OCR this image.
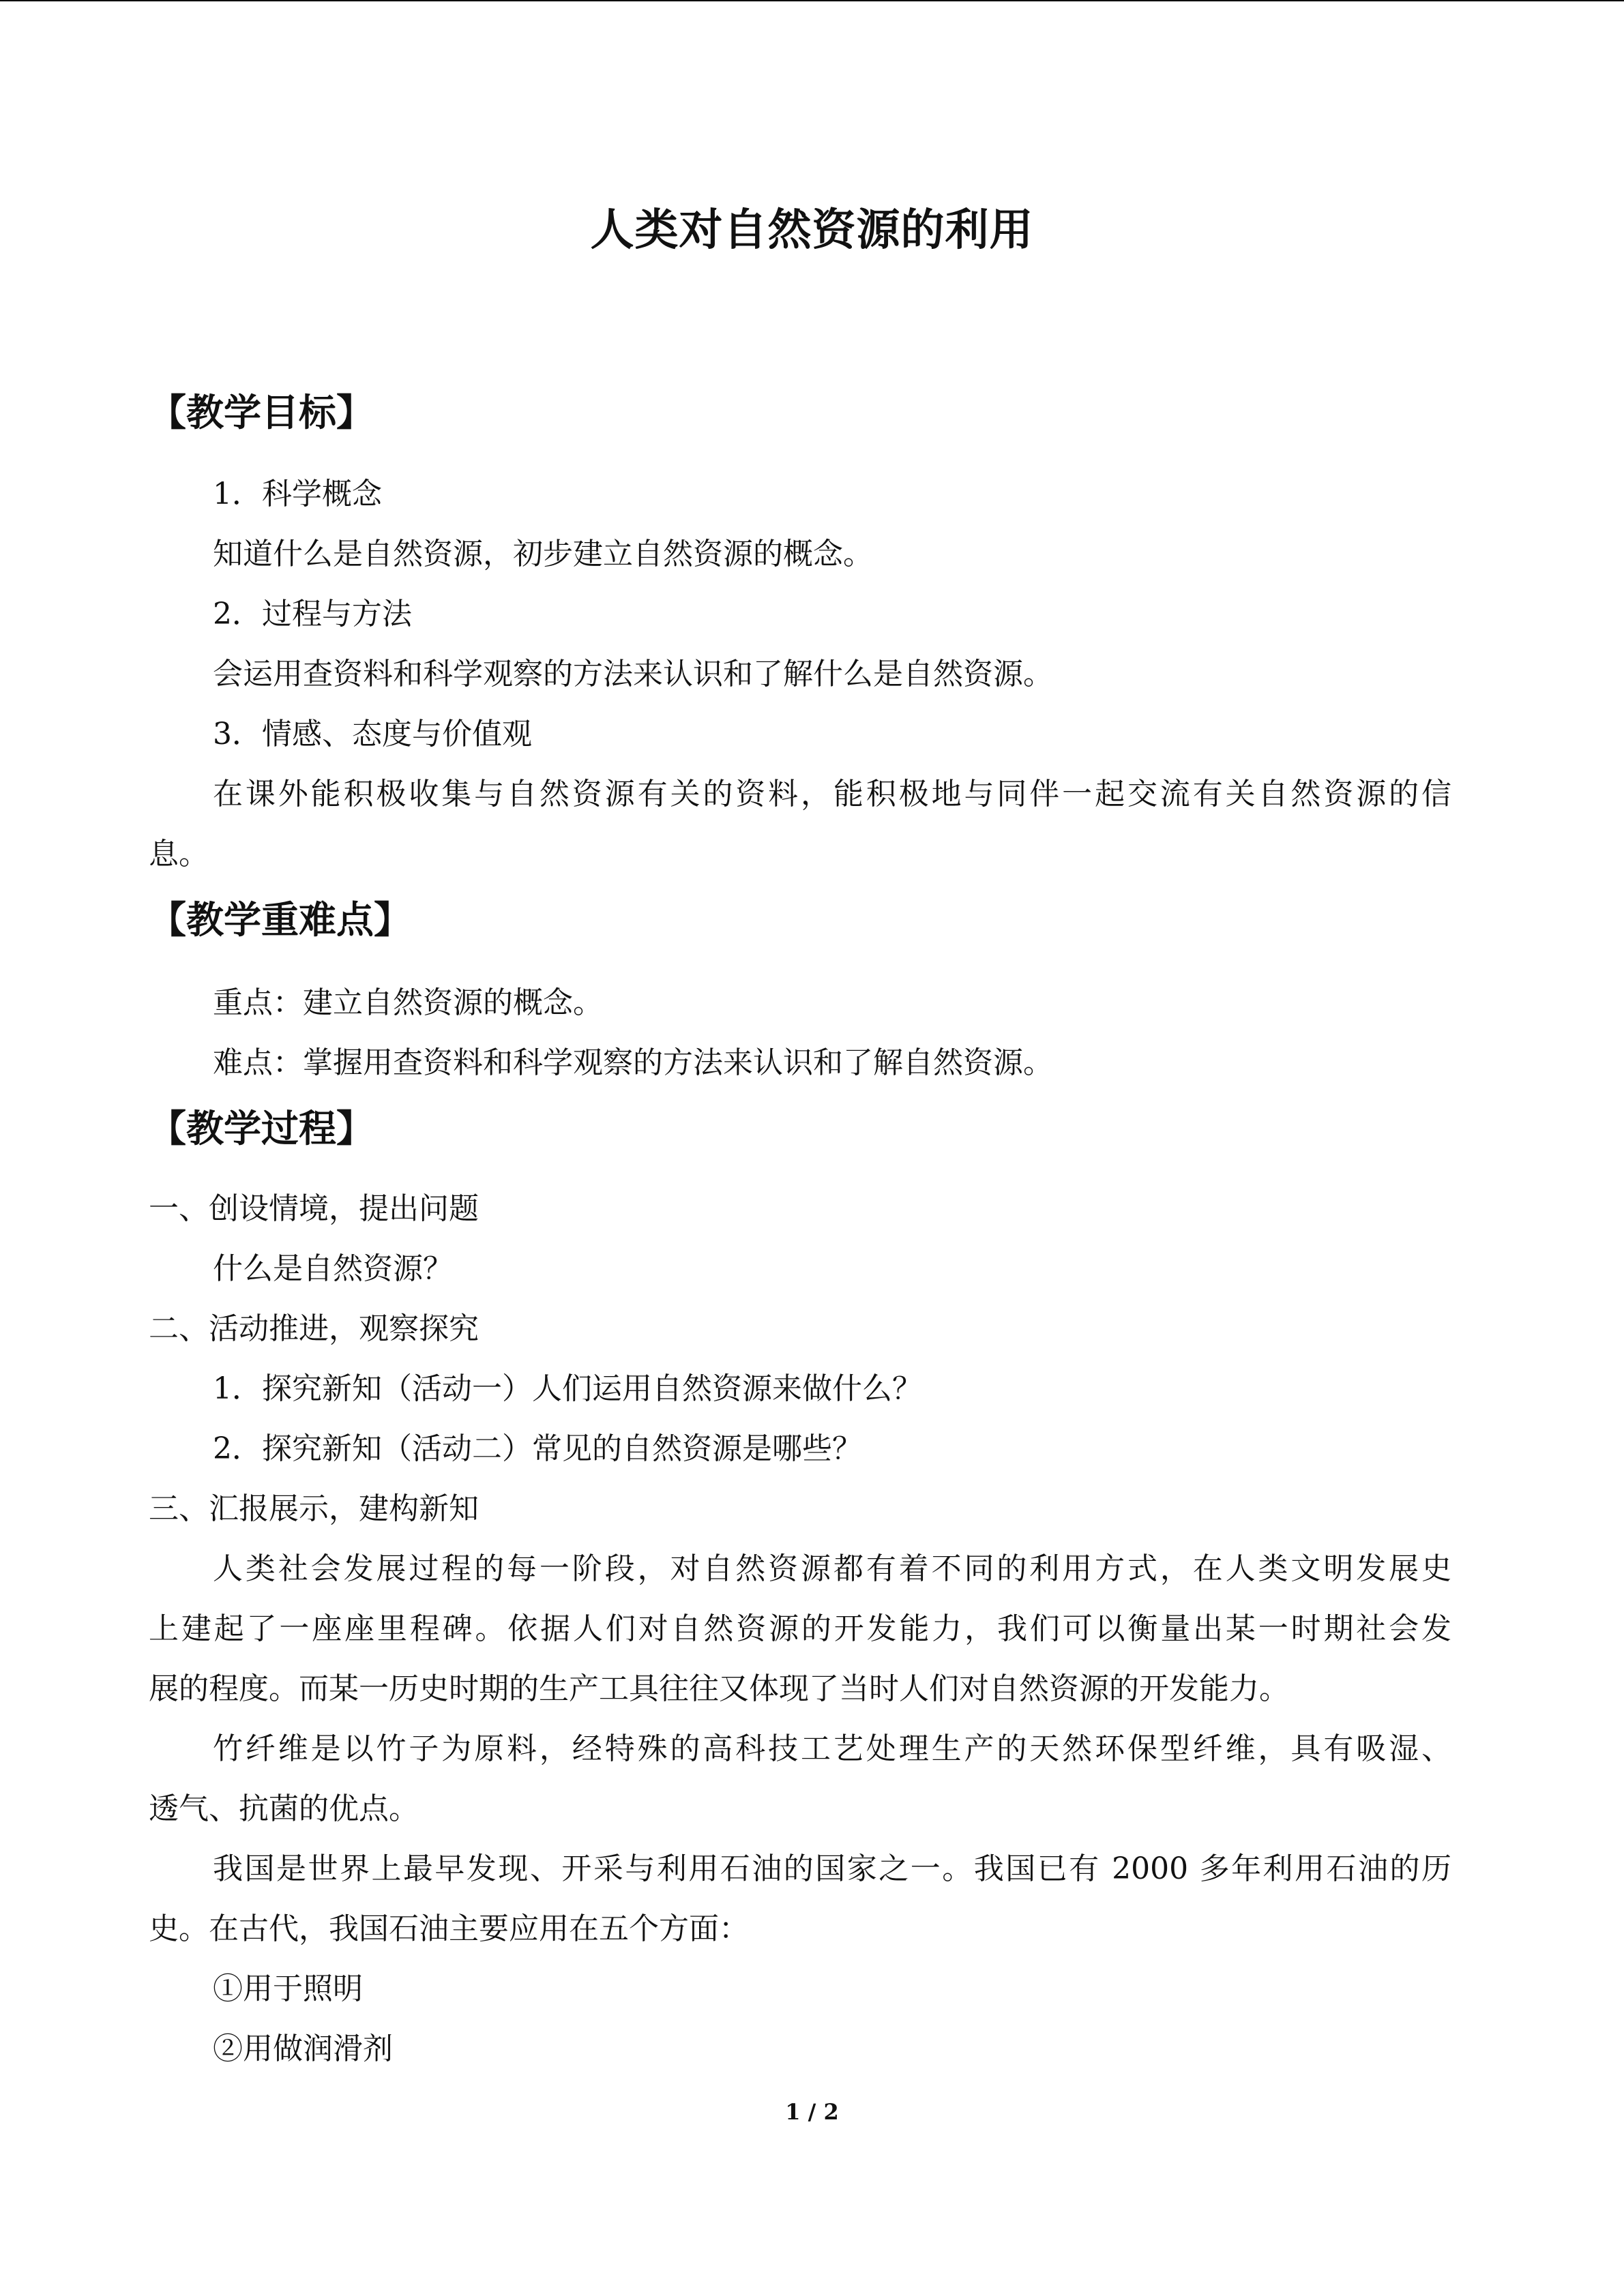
人类对自然资源的利用
【教学目标】
1．科学概念
知道什么是自然资源，初步建立自然资源的概念。
2．过程与方法
会运用查资料和科学观察的方法来认识和了解什么是自然资源。
3．情感、态度与价值观
在课外能积极收集与自然资源有关的资料，能积极地与同伴一起交流有关自然资源的信
息。
【教学重难点】
重点：建立自然资源的概念。
难点：掌握用查资料和科学观察的方法来认识和了解自然资源。
【教学过程】
一、创设情境，提出问题
什么是自然资源？
二、活动推进，观察探究
1．探究新知（活动一）人们运用自然资源来做什么？
2．探究新知（活动二）常见的自然资源是哪些？
三、汇报展示，建构新知
人类社会发展过程的每一阶段，对自然资源都有着不同的利用方式，在人类文明发展史
上建起了一座座里程碑。依据人们对自然资源的开发能力，我们可以衡量出某一时期社会发
展的程度。而某一历史时期的生产工具往往又体现了当时人们对自然资源的开发能力。
竹纤维是以竹子为原料，经特殊的高科技工艺处理生产的天然环保型纤维，具有吸湿、
透气、抗菌的优点。
我国是世界上最早发现、开采与利用石油的国家之一。我国已有 2000 多年利用石油的历
史。在古代，我国石油主要应用在五个方面：
①用于照明
②用做润滑剂
1 / 2
